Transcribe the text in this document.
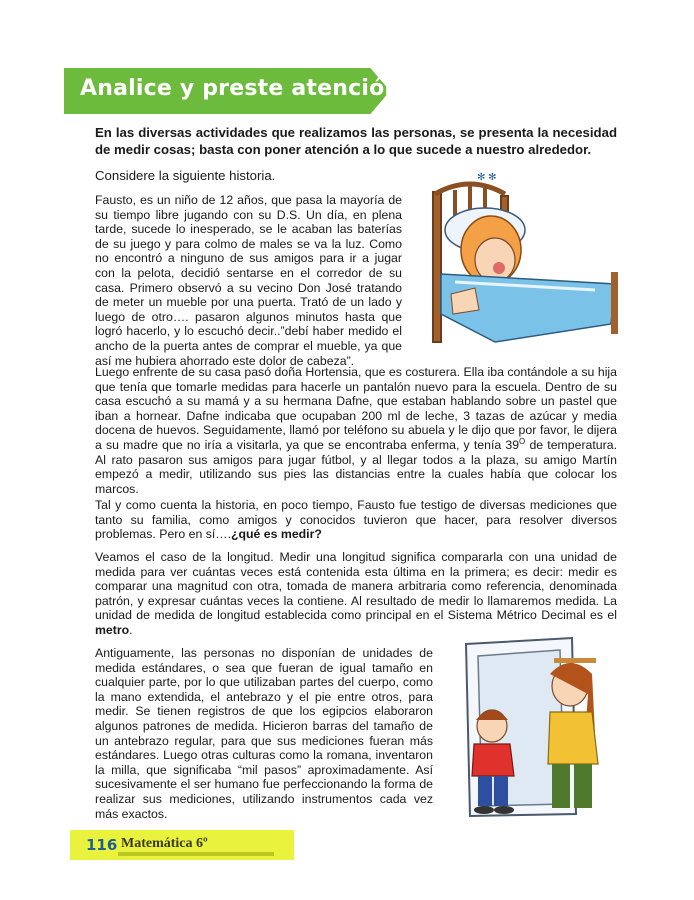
Analice y preste atención
En las diversas actividades que realizamos las personas, se presenta la necesidad de medir cosas; basta con poner atención a lo que sucede a nuestro alrededor.
Considere la siguiente historia.

Fausto, es un niño de 12 años, que pasa la mayoría de su tiempo libre jugando con su D.S. Un día, en plena tarde, sucede lo inesperado, se le acaban las baterías de su juego y para colmo de males se va la luz. Como no encontró a ninguno de sus amigos para ir a jugar con la pelota, decidió sentarse en el corredor de su casa. Primero observó a su vecino Don José tratando de meter un mueble por una puerta. Trató de un lado y luego de otro…. pasaron algunos minutos hasta que logró hacerlo, y lo escuchó decir..”debí haber medido el ancho de la puerta antes de comprar el mueble, ya que así me hubiera ahorrado este dolor de cabeza”.

✻ ✻

Luego enfrente de su casa pasó doña Hortensia, que es costurera. Ella iba contándole a su hija que tenía que tomarle medidas para hacerle un pantalón nuevo para la escuela. Dentro de su casa escuchó a su mamá y a su hermana Dafne, que estaban hablando sobre un pastel que iban a hornear. Dafne indicaba que ocupaban 200 ml de leche, 3 tazas de azúcar y media docena de huevos. Seguidamente, llamó por teléfono su abuela y le dijo que por favor, le dijera a su madre que no iría a visitarla, ya que se encontraba enferma, y tenía $39^O$ de temperatura. Al rato pasaron sus amigos para jugar fútbol, y al llegar todos a la plaza, su amigo Martín empezó a medir, utilizando sus pies las distancias entre la cuales había que colocar los marcos.

Tal y como cuenta la historia, en poco tiempo, Fausto fue testigo de diversas mediciones que tanto su familia, como amigos y conocidos tuvieron que hacer, para resolver diversos problemas. Pero en sí….¿qué es medir?

Veamos el caso de la longitud. Medir una longitud significa compararla con una unidad de medida para ver cuántas veces está contenida esta última en la primera; es decir: medir es comparar una magnitud con otra, tomada de manera arbitraria como referencia, denominada patrón, y expresar cuántas veces la contiene. Al resultado de medir lo llamaremos medida. La unidad de medida de longitud establecida como principal en el Sistema Métrico Decimal es el metro.

Antiguamente, las personas no disponían de unidades de medida estándares, o sea que fueran de igual tamaño en cualquier parte, por lo que utilizaban partes del cuerpo, como la mano extendida, el antebrazo y el pie entre otros, para medir. Se tienen registros de que los egipcios elaboraron algunos patrones de medida. Hicieron barras del tamaño de un antebrazo regular, para que sus mediciones fueran más estándares. Luego otras culturas como la romana, inventaron la milla, que significaba “mil pasos” aproximadamente. Así sucesivamente el ser humano fue perfeccionando la forma de realizar sus mediciones, utilizando instrumentos cada vez más exactos.

116 Matemática 6º
